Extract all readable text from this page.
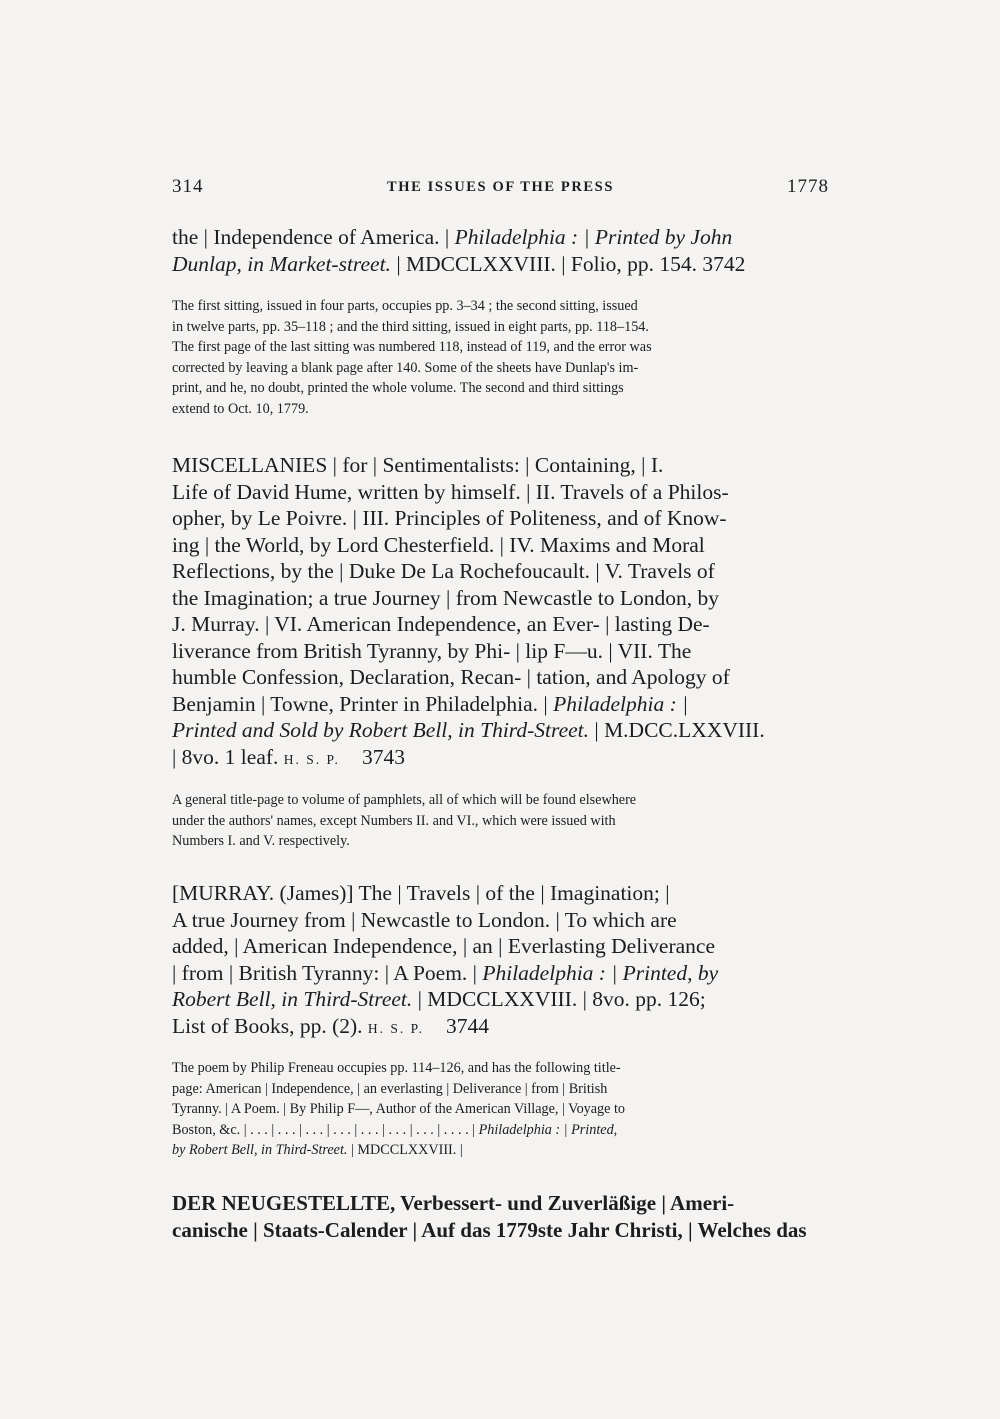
314	THE ISSUES OF THE PRESS	1778
the | Independence of America. | Philadelphia : | Printed by John
Dunlap, in Market-street. | MDCCLXXVIII. | Folio, pp. 154. 3742
The first sitting, issued in four parts, occupies pp. 3–34 ; the second sitting, issued
in twelve parts, pp. 35–118 ; and the third sitting, issued in eight parts, pp. 118–154.
The first page of the last sitting was numbered 118, instead of 119, and the error was
corrected by leaving a blank page after 140. Some of the sheets have Dunlap's im-
print, and he, no doubt, printed the whole volume. The second and third sittings
extend to Oct. 10, 1779.
MISCELLANIES | for | Sentimentalists: | Containing, | I.
Life of David Hume, written by himself. | II. Travels of a Philos-
opher, by Le Poivre. | III. Principles of Politeness, and of Know-
ing | the World, by Lord Chesterfield. | IV. Maxims and Moral
Reflections, by the | Duke De La Rochefoucault. | V. Travels of
the Imagination; a true Journey | from Newcastle to London, by
J. Murray. | VI. American Independence, an Ever- | lasting De-
liverance from British Tyranny, by Phi- | lip F—u. | VII. The
humble Confession, Declaration, Recan- | tation, and Apology of
Benjamin | Towne, Printer in Philadelphia. | Philadelphia : |
Printed and Sold by Robert Bell, in Third-Street. | M.DCC.LXXVIII.
| 8vo. 1 leaf. H. S. P. 3743
A general title-page to volume of pamphlets, all of which will be found elsewhere
under the authors' names, except Numbers II. and VI., which were issued with
Numbers I. and V. respectively.
[MURRAY. (James)] The | Travels | of the | Imagination; |
A true Journey from | Newcastle to London. | To which are
added, | American Independence, | an | Everlasting Deliverance
| from | British Tyranny: | A Poem. | Philadelphia : | Printed, by
Robert Bell, in Third-Street. | MDCCLXXVIII. | 8vo. pp. 126;
List of Books, pp. (2). H. S. P. 3744
The poem by Philip Freneau occupies pp. 114–126, and has the following title-
page: American | Independence, | an everlasting | Deliverance | from | British
Tyranny. | A Poem. | By Philip F—, Author of the American Village, | Voyage to
Boston, &c. | . . . | . . . | . . . | . . . | . . . | . . . | . . . | . . . . | Philadelphia : | Printed,
by Robert Bell, in Third-Street. | MDCCLXXVIII. |
DER NEUGESTELLTE, Verbessert- und Zuverläßige | Ameri-
canische | Staats-Calender | Auf das 1779ste Jahr Christi, | Welches das
